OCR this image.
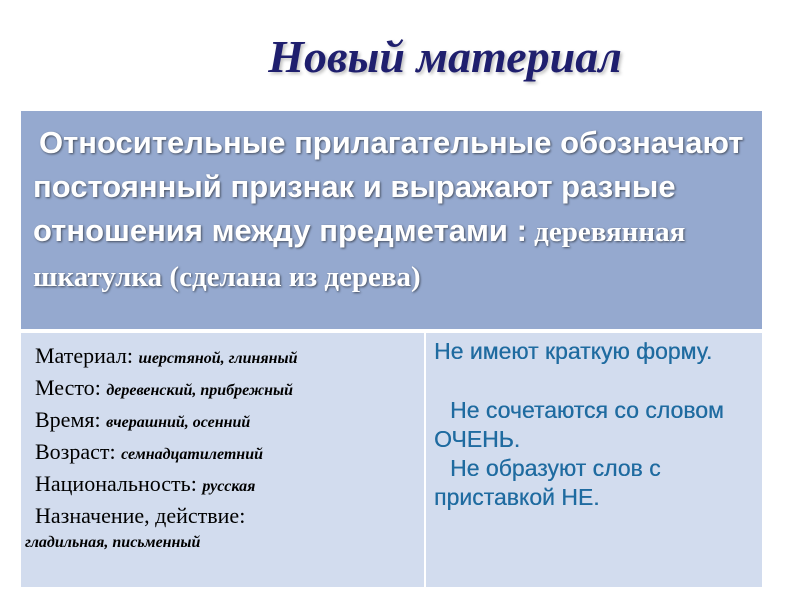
Новый материал
Относительные прилагательные обозначают постоянный признак и выражают разные отношения между предметами : деревянная шкатулка (сделана из дерева)
Материал: шерстяной, глиняный
Место: деревенский, прибрежный
Время: вчерашний, осенний
Возраст: семнадцатилетний
Национальность: русская
Назначение, действие:
гладильная, письменный
Не имеют краткую форму.
Не сочетаются со словом ОЧЕНЬ.
Не образуют слов с приставкой НЕ.
